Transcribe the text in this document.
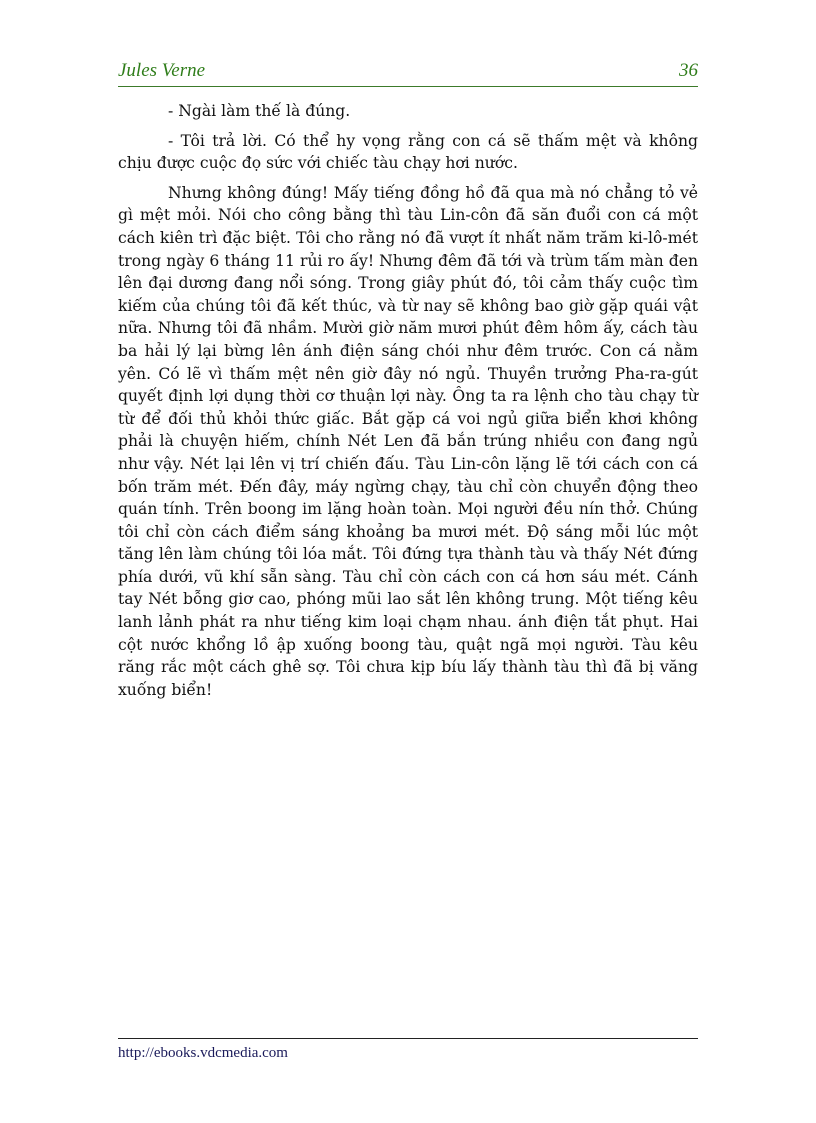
Jules Verne	36

- Ngài làm thế là đúng.

- Tôi trả lời. Có thể hy vọng rằng con cá sẽ thấm mệt và không chịu được cuộc đọ sức với chiếc tàu chạy hơi nước.

Nhưng không đúng! Mấy tiếng đồng hồ đã qua mà nó chẳng tỏ vẻ gì mệt mỏi. Nói cho công bằng thì tàu Lin-côn đã săn đuổi con cá một cách kiên trì đặc biệt. Tôi cho rằng nó đã vượt ít nhất năm trăm ki-lô-mét trong ngày 6 tháng 11 rủi ro ấy! Nhưng đêm đã tới và trùm tấm màn đen lên đại dương đang nổi sóng. Trong giây phút đó, tôi cảm thấy cuộc tìm kiếm của chúng tôi đã kết thúc, và từ nay sẽ không bao giờ gặp quái vật nữa. Nhưng tôi đã nhầm. Mười giờ năm mươi phút đêm hôm ấy, cách tàu ba hải lý lại bừng lên ánh điện sáng chói như đêm trước. Con cá nằm yên. Có lẽ vì thấm mệt nên giờ đây nó ngủ. Thuyền trưởng Pha-ra-gút quyết định lợi dụng thời cơ thuận lợi này. Ông ta ra lệnh cho tàu chạy từ từ để đối thủ khỏi thức giấc. Bắt gặp cá voi ngủ giữa biển khơi không phải là chuyện hiếm, chính Nét Len đã bắn trúng nhiều con đang ngủ như vậy. Nét lại lên vị trí chiến đấu. Tàu Lin-côn lặng lẽ tới cách con cá bốn trăm mét. Đến đây, máy ngừng chạy, tàu chỉ còn chuyển động theo quán tính. Trên boong im lặng hoàn toàn. Mọi người đều nín thở. Chúng tôi chỉ còn cách điểm sáng khoảng ba mươi mét. Độ sáng mỗi lúc một tăng lên làm chúng tôi lóa mắt. Tôi đứng tựa thành tàu và thấy Nét đứng phía dưới, vũ khí sẵn sàng. Tàu chỉ còn cách con cá hơn sáu mét. Cánh tay Nét bỗng giơ cao, phóng mũi lao sắt lên không trung. Một tiếng kêu lanh lảnh phát ra như tiếng kim loại chạm nhau. ánh điện tắt phụt. Hai cột nước khổng lồ ập xuống boong tàu, quật ngã mọi người. Tàu kêu răng rắc một cách ghê sợ. Tôi chưa kịp bíu lấy thành tàu thì đã bị văng xuống biển!

http://ebooks.vdcmedia.com
